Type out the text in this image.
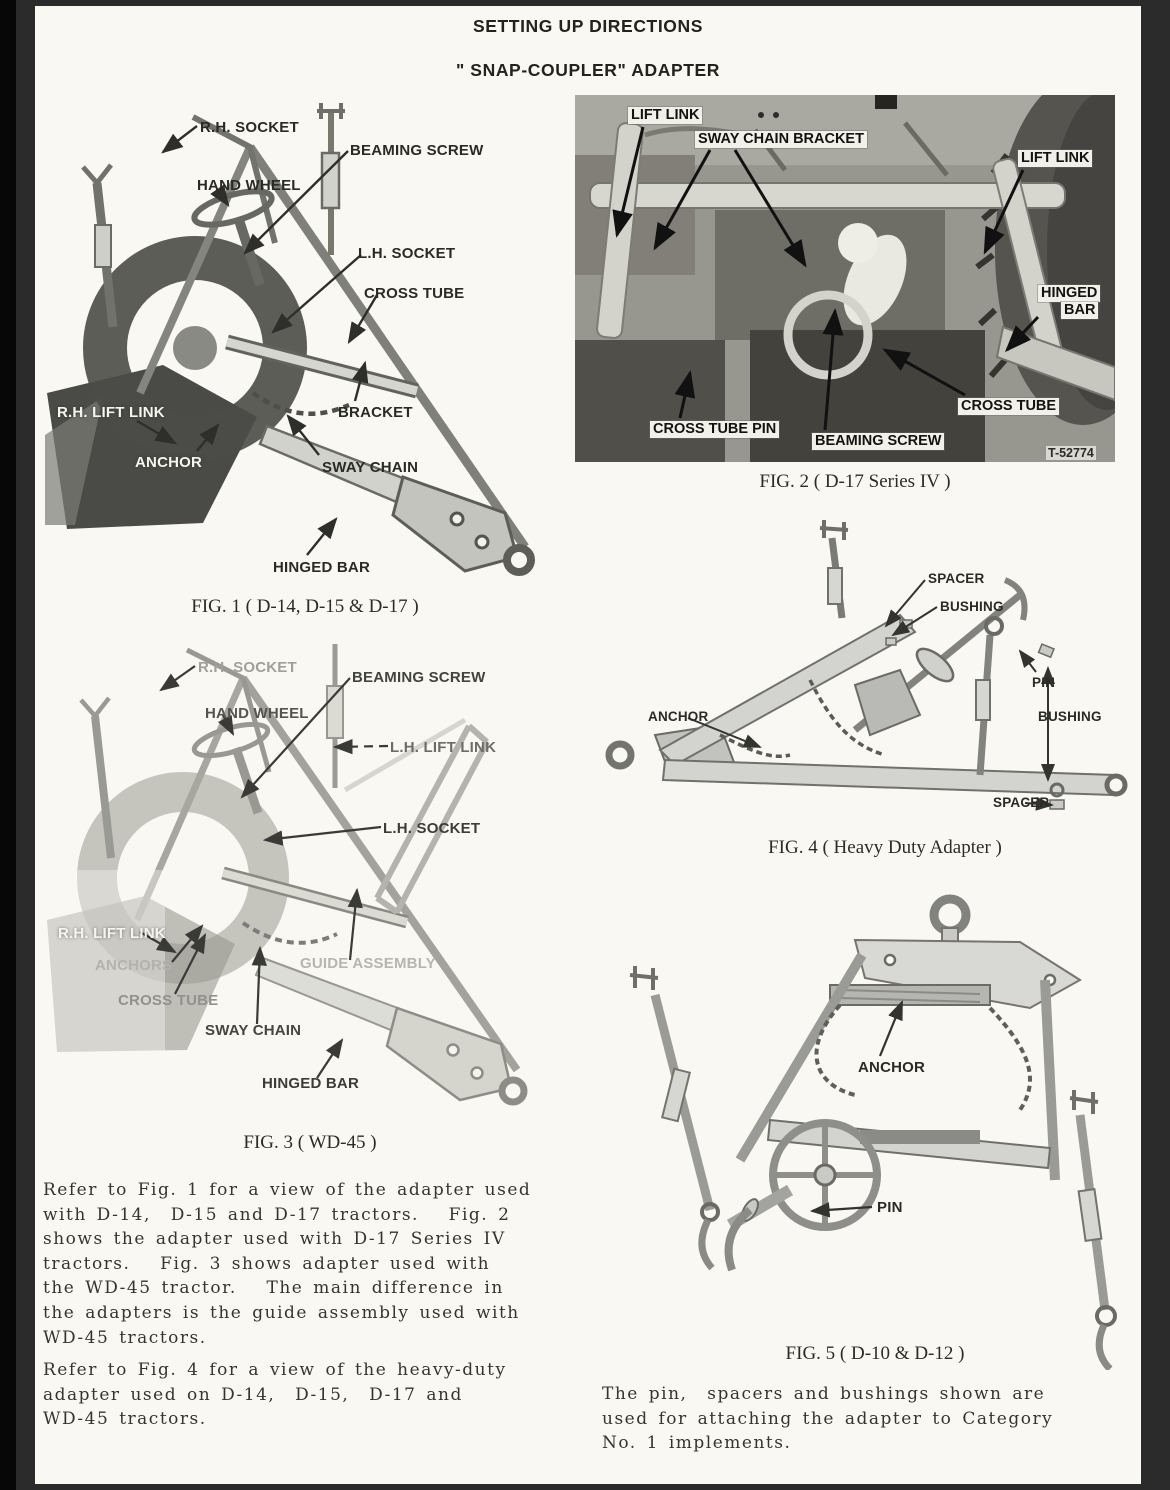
SETTING UP DIRECTIONS
" SNAP-COUPLER" ADAPTER
R.H. SOCKET
BEAMING SCREW
HAND WHEEL
L.H. SOCKET
CROSS TUBE
R.H. LIFT LINK
ANCHOR
BRACKET
SWAY CHAIN
HINGED BAR
FIG. 1 ( D-14, D-15 & D-17 )
LIFT LINK
SWAY CHAIN BRACKET
LIFT LINK
HINGED
BAR
CROSS TUBE
CROSS TUBE PIN
BEAMING SCREW
T-52774
FIG. 2 ( D-17 Series IV )
R.H. SOCKET
BEAMING SCREW
HAND WHEEL
L.H. LIFT LINK
L.H. SOCKET
R.H. LIFT LINK
ANCHORS	GUIDE ASSEMBLY
CROSS TUBE
SWAY CHAIN
HINGED BAR
FIG. 3 ( WD-45 )
SPACER
BUSHING
PIN
BUSHING
ANCHOR
SPACER
FIG. 4 ( Heavy Duty Adapter )
ANCHOR
PIN
FIG. 5 ( D-10 & D-12 )
Refer to Fig. 1 for a view of the adapter used
with D-14,  D-15 and D-17 tractors.   Fig. 2
shows the adapter used with D-17 Series IV
tractors.   Fig. 3 shows adapter used with
the WD-45 tractor.   The main difference in
the adapters is the guide assembly used with
WD-45 tractors.
Refer to Fig. 4 for a view of the heavy-duty
adapter used on D-14,  D-15,  D-17 and
WD-45 tractors.
The pin,  spacers and bushings shown are
used for attaching the adapter to Category
No. 1 implements.
